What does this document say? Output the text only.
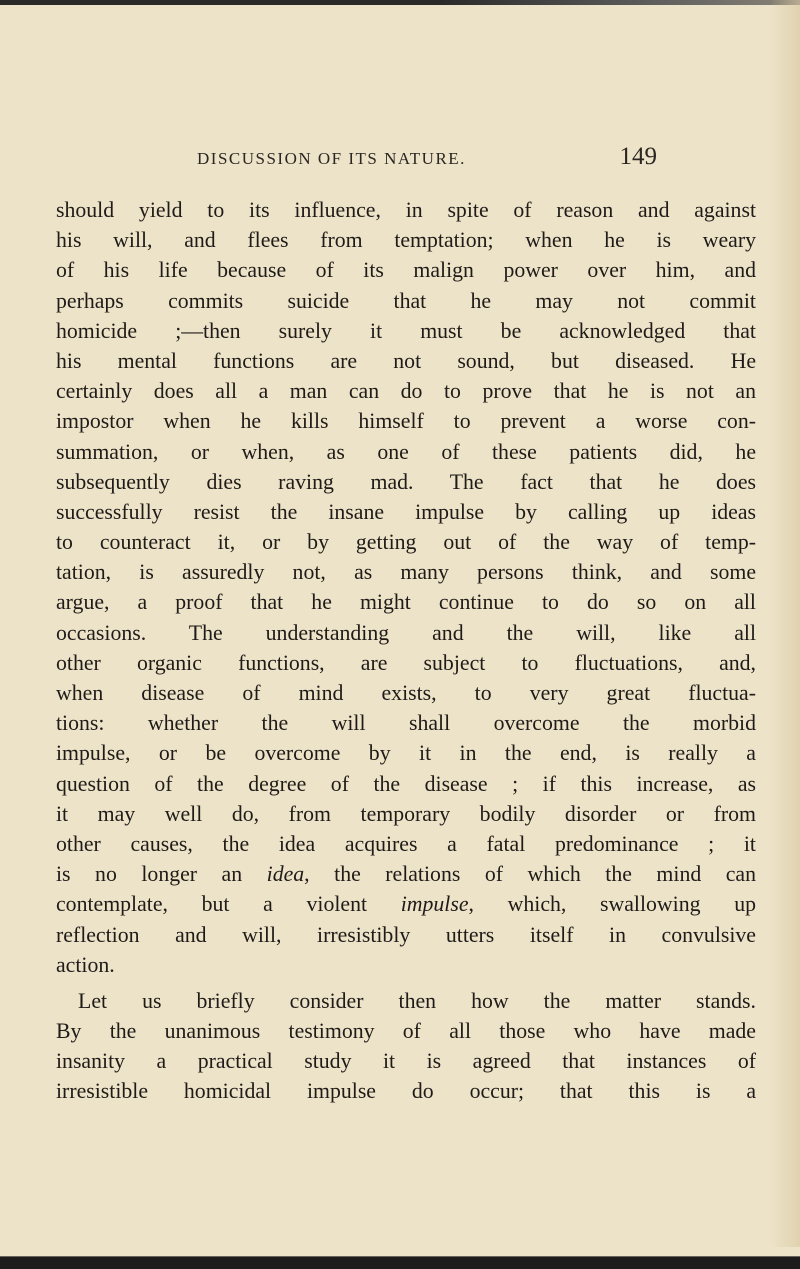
DISCUSSION OF ITS NATURE.	149
should yield to its influence, in spite of reason and against
his will, and flees from temptation; when he is weary
of his life because of its malign power over him, and
perhaps commits suicide that he may not commit
homicide ;—then surely it must be acknowledged that
his mental functions are not sound, but diseased. He
certainly does all a man can do to prove that he is not an
impostor when he kills himself to prevent a worse con-
summation, or when, as one of these patients did, he
subsequently dies raving mad. The fact that he does
successfully resist the insane impulse by calling up ideas
to counteract it, or by getting out of the way of temp-
tation, is assuredly not, as many persons think, and some
argue, a proof that he might continue to do so on all
occasions. The understanding and the will, like all
other organic functions, are subject to fluctuations, and,
when disease of mind exists, to very great fluctua-
tions: whether the will shall overcome the morbid
impulse, or be overcome by it in the end, is really a
question of the degree of the disease ; if this increase, as
it may well do, from temporary bodily disorder or from
other causes, the idea acquires a fatal predominance ; it
is no longer an idea, the relations of which the mind can
contemplate, but a violent impulse, which, swallowing up
reflection and will, irresistibly utters itself in convulsive
action.
Let us briefly consider then how the matter stands.
By the unanimous testimony of all those who have made
insanity a practical study it is agreed that instances of
irresistible homicidal impulse do occur; that this is a
